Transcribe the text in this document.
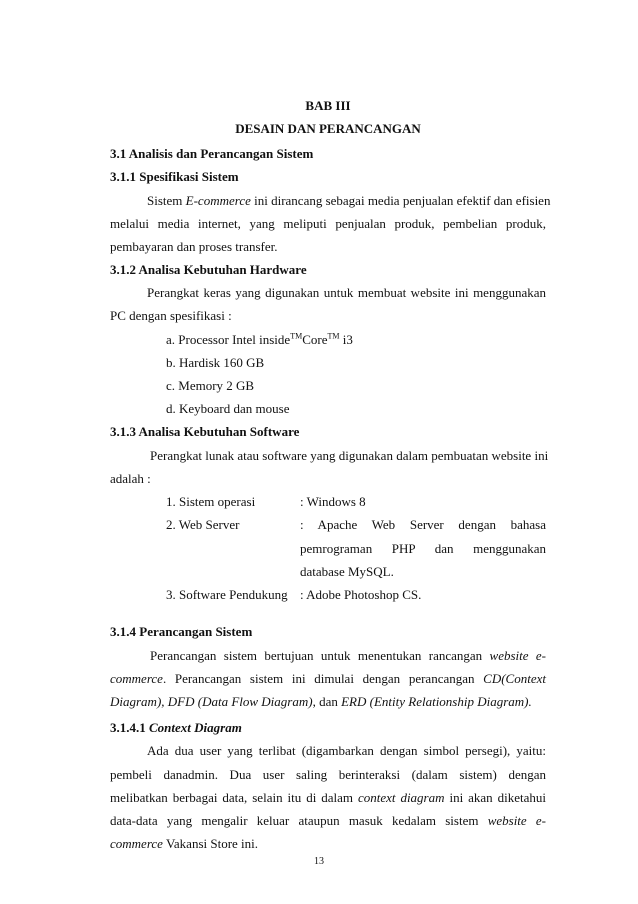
BAB III
DESAIN DAN PERANCANGAN
3.1 Analisis dan Perancangan Sistem
3.1.1 Spesifikasi Sistem
Sistem E-commerce ini dirancang sebagai media penjualan efektif dan efisien
melalui media internet, yang meliputi penjualan produk, pembelian produk,
pembayaran dan proses transfer.
3.1.2 Analisa Kebutuhan Hardware
Perangkat keras yang digunakan untuk membuat website ini menggunakan
PC dengan spesifikasi :
a. Processor Intel inside™Core™ i3
b. Hardisk 160 GB
c. Memory 2 GB
d. Keyboard dan mouse
3.1.3 Analisa Kebutuhan Software
Perangkat lunak atau software yang digunakan dalam pembuatan website ini
adalah :
1. Sistem operasi	: Windows 8
2. Web Server	: Apache Web Server dengan bahasa
pemrograman PHP dan menggunakan
database MySQL.
3. Software Pendukung : Adobe Photoshop CS.
3.1.4 Perancangan Sistem
Perancangan sistem bertujuan untuk menentukan rancangan website e-
commerce. Perancangan sistem ini dimulai dengan perancangan CD(Context
Diagram), DFD (Data Flow Diagram), dan ERD (Entity Relationship Diagram).
3.1.4.1 Context Diagram
Ada dua user yang terlibat (digambarkan dengan simbol persegi), yaitu:
pembeli danadmin. Dua user saling berinteraksi (dalam sistem) dengan
melibatkan berbagai data, selain itu di dalam context diagram ini akan diketahui
data-data yang mengalir keluar ataupun masuk kedalam sistem website e-
commerce Vakansi Store ini.
13
